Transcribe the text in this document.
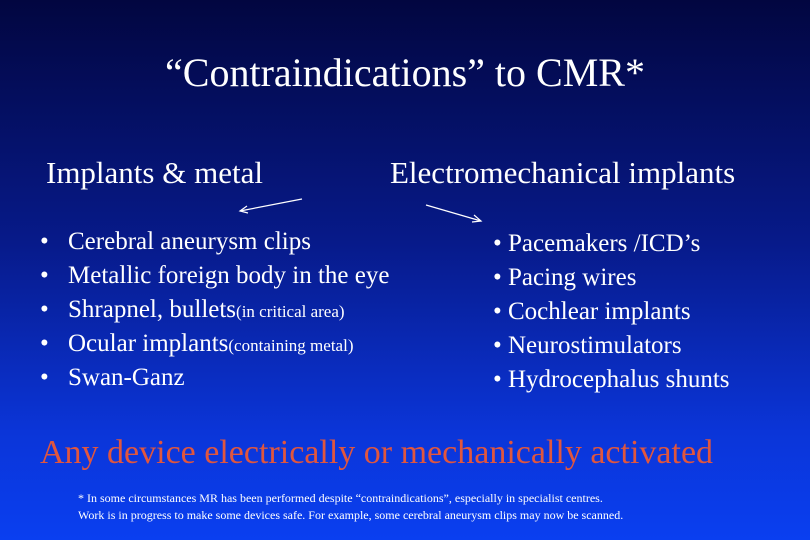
“Contraindications” to CMR*
Implants & metal	Electromechanical implants
• Cerebral aneurysm clips
• Metallic foreign body in the eye
• Shrapnel, bullets (in critical area)
• Ocular implants (containing metal)
• Swan-Ganz
• Pacemakers /ICD’s
• Pacing wires
• Cochlear implants
• Neurostimulators
• Hydrocephalus shunts
Any device electrically or mechanically activated
* In some circumstances MR has been performed despite “contraindications”, especially in specialist centres.
Work is in progress to make some devices safe. For example, some cerebral aneurysm clips may now be scanned.
